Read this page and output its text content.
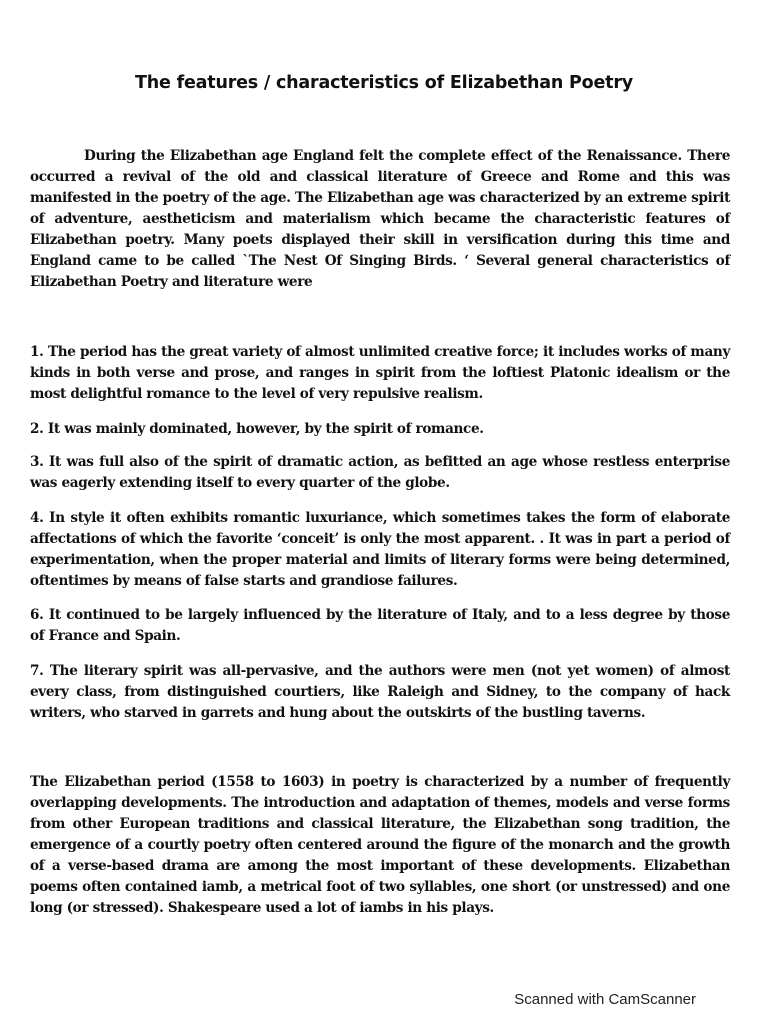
The features / characteristics of Elizabethan Poetry

During the Elizabethan age England felt the complete effect of the Renaissance. There occurred a revival of the old and classical literature of Greece and Rome and this was manifested in the poetry of the age. The Elizabethan age was characterized by an extreme spirit of adventure, aestheticism and materialism which became the characteristic features of Elizabethan poetry. Many poets displayed their skill in versification during this time and England came to be called `The Nest Of Singing Birds. ‘ Several general characteristics of Elizabethan Poetry and literature were

1. The period has the great variety of almost unlimited creative force; it includes works of many kinds in both verse and prose, and ranges in spirit from the loftiest Platonic idealism or the most delightful romance to the level of very repulsive realism.

2. It was mainly dominated, however, by the spirit of romance.

3. It was full also of the spirit of dramatic action, as befitted an age whose restless enterprise was eagerly extending itself to every quarter of the globe.

4. In style it often exhibits romantic luxuriance, which sometimes takes the form of elaborate affectations of which the favorite ‘conceit’ is only the most apparent. . It was in part a period of experimentation, when the proper material and limits of literary forms were being determined, oftentimes by means of false starts and grandiose failures.

6. It continued to be largely influenced by the literature of Italy, and to a less degree by those of France and Spain.

7. The literary spirit was all-pervasive, and the authors were men (not yet women) of almost every class, from distinguished courtiers, like Raleigh and Sidney, to the company of hack writers, who starved in garrets and hung about the outskirts of the bustling taverns.

The Elizabethan period (1558 to 1603) in poetry is characterized by a number of frequently overlapping developments. The introduction and adaptation of themes, models and verse forms from other European traditions and classical literature, the Elizabethan song tradition, the emergence of a courtly poetry often centered around the figure of the monarch and the growth of a verse-based drama are among the most important of these developments. Elizabethan poems often contained iamb, a metrical foot of two syllables, one short (or unstressed) and one long (or stressed). Shakespeare used a lot of iambs in his plays.

Scanned with CamScanner
